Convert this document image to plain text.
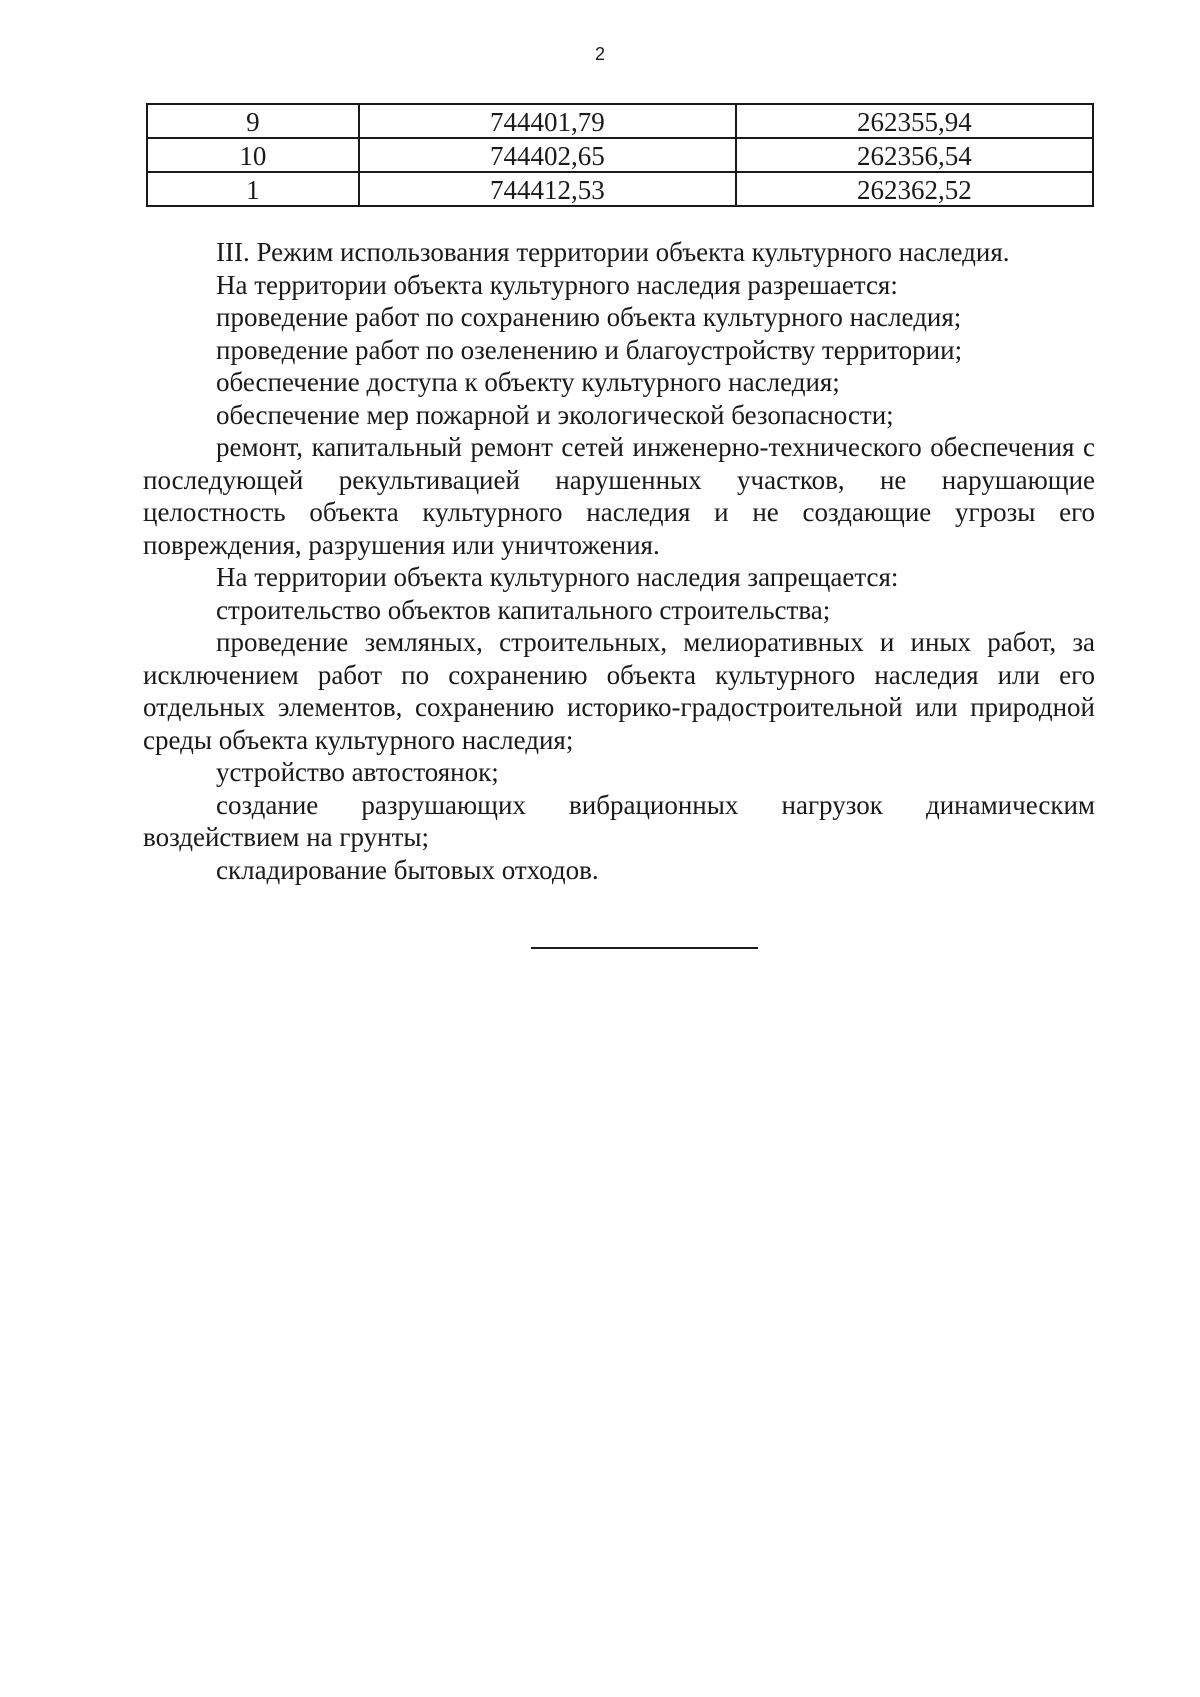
2
9	744401,79	262355,94
10	744402,65	262356,54
1	744412,53	262362,52

III. Режим использования территории объекта культурного наследия.

На территории объекта культурного наследия разрешается:

проведение работ по сохранению объекта культурного наследия;

проведение работ по озеленению и благоустройству территории;

обеспечение доступа к объекту культурного наследия;

обеспечение мер пожарной и экологической безопасности;

ремонт, капитальный ремонт сетей инженерно-технического обеспечения с последующей рекультивацией нарушенных участков, не нарушающие целостность объекта культурного наследия и не создающие угрозы его повреждения, разрушения или уничтожения.

На территории объекта культурного наследия запрещается:

строительство объектов капитального строительства;

проведение земляных, строительных, мелиоративных и иных работ, за исключением работ по сохранению объекта культурного наследия или его отдельных элементов, сохранению историко-градостроительной или природной среды объекта культурного наследия;

устройство автостоянок;

создание разрушающих вибрационных нагрузок динамическим воздействием на грунты;

складирование бытовых отходов.
